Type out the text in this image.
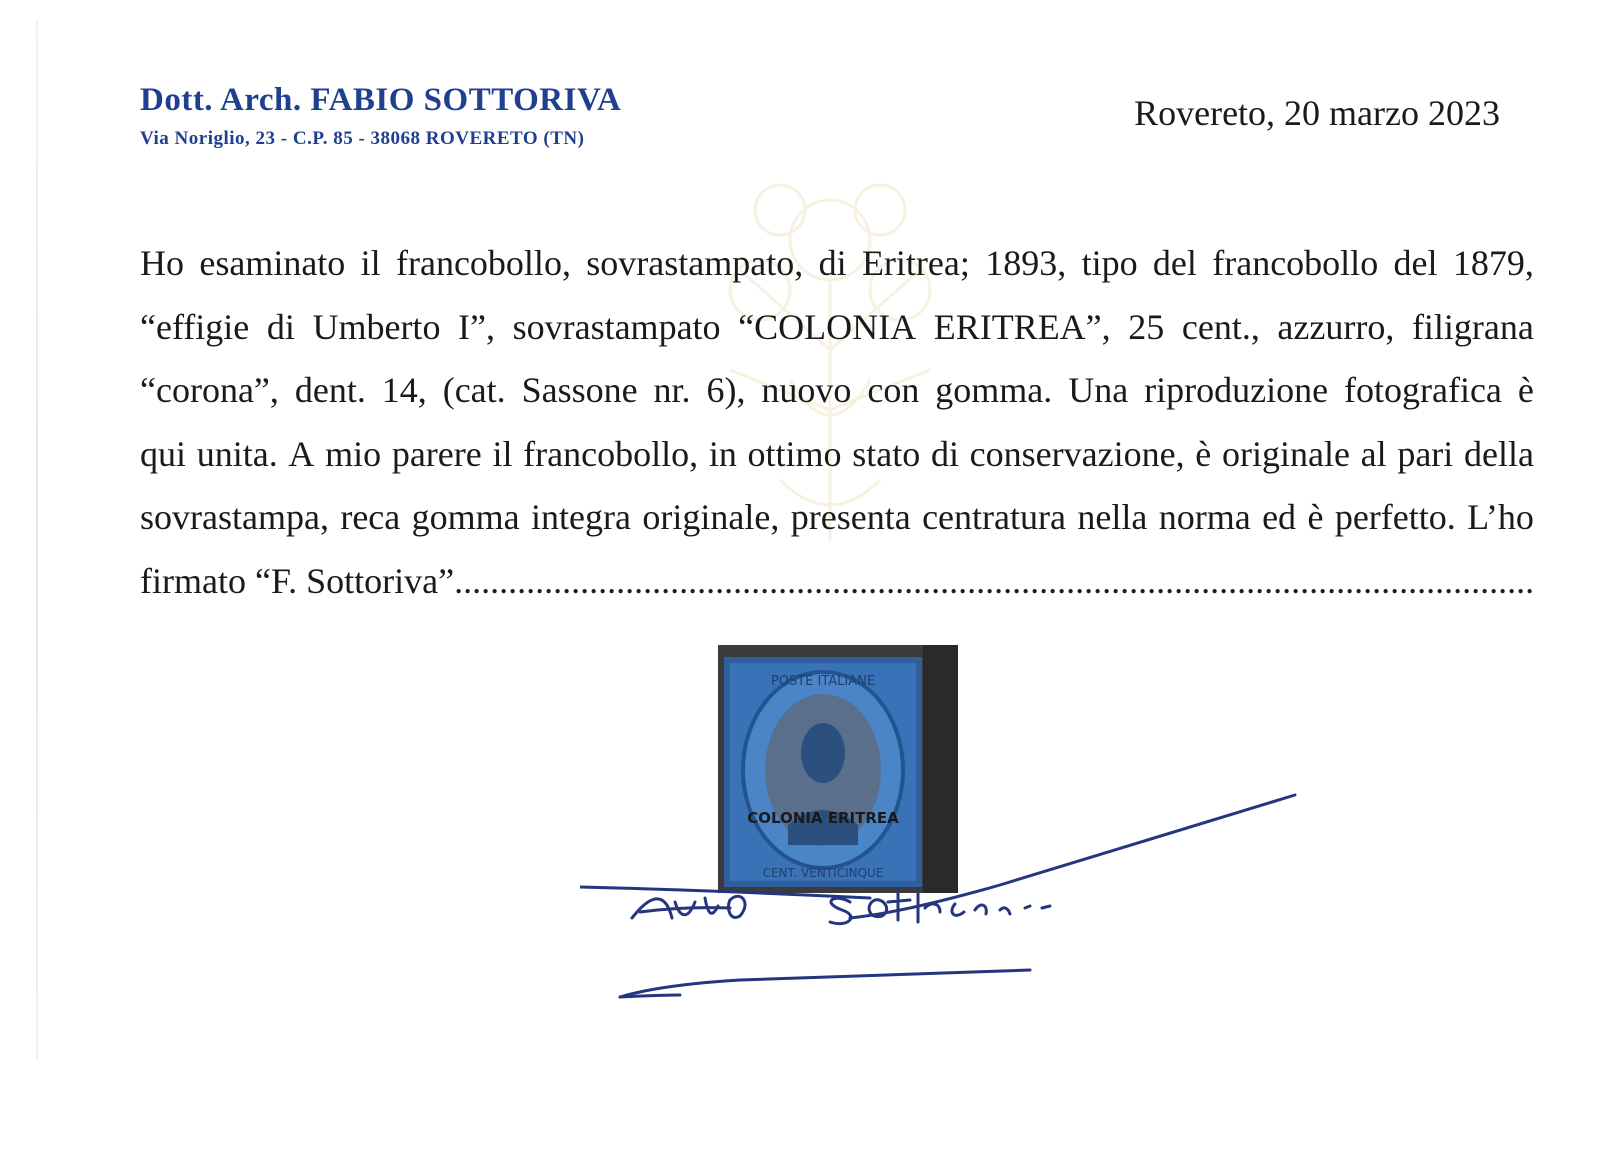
Dott. Arch. FABIO SOTTORIVA
Via Noriglio, 23 - C.P. 85 - 38068 ROVERETO (TN)
Rovereto, 20 marzo 2023
Ho esaminato il francobollo, sovrastampato, di Eritrea; 1893, tipo del francobollo del 1879,
“effigie di Umberto I”, sovrastampato “COLONIA ERITREA”, 25 cent., azzurro, filigrana
“corona”, dent. 14, (cat. Sassone nr. 6), nuovo con gomma. Una riproduzione fotografica è
qui unita. A mio parere il francobollo, in ottimo stato di conservazione, è originale al pari della
sovrastampa, reca gomma integra originale, presenta centratura nella norma ed è perfetto. L’ho
firmato “F. Sottoriva”
.....
POSTE ITALIANE
CENT. VENTICINQUE
COLONIA ERITREA
Fabio Sottoriva
